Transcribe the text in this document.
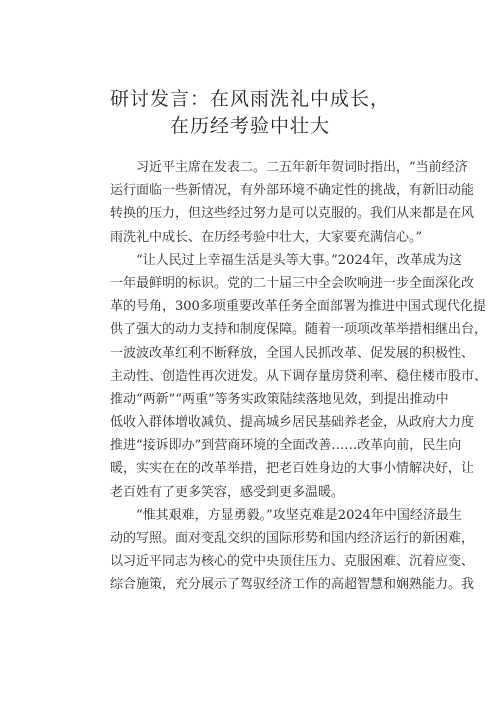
研讨发言：在风雨洗礼中成长，
在历经考验中壮大
习近平主席在发表二。二五年新年贺词时指出，“当前经济
运行面临一些新情况，有外部环境不确定性的挑战，有新旧动能
转换的压力，但这些经过努力是可以克服的。我们从来都是在风
雨洗礼中成长、在历经考验中壮大，大家要充满信心。”
“让人民过上幸福生活是头等大事。”2024年，改革成为这
一年最鲜明的标识。党的二十届三中全会吹响进一步全面深化改
革的号角，300多项重要改革任务全面部署为推进中国式现代化提
供了强大的动力支持和制度保障。随着一项项改革举措相继出台，
一波波改革红利不断释放，全国人民抓改革、促发展的积极性、
主动性、创造性再次迸发。从下调存量房贷利率、稳住楼市股市、
推动“两新”“两重”等务实政策陆续落地见效，到提出推动中
低收入群体增收减负、提高城乡居民基础养老金，从政府大力度
推进“接诉即办”到营商环境的全面改善……改革向前，民生向
暖，实实在在的改革举措，把老百姓身边的大事小情解决好，让
老百姓有了更多笑容，感受到更多温暖。
“惟其艰难，方显勇毅。”攻坚克难是2024年中国经济最生
动的写照。面对变乱交织的国际形势和国内经济运行的新困难，
以习近平同志为核心的党中央顶住压力、克服困难、沉着应变、
综合施策，充分展示了驾驭经济工作的高超智慧和娴熟能力。我
